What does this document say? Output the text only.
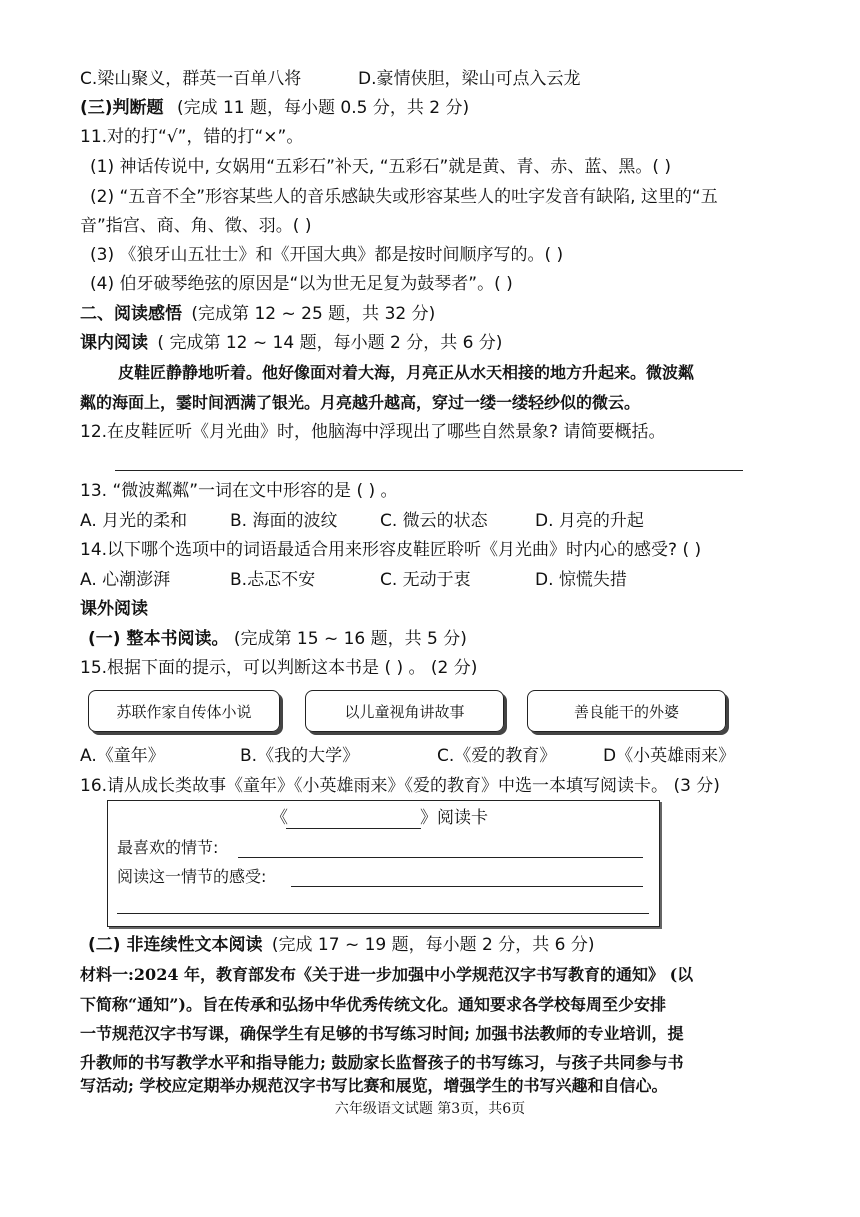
C.梁山聚义，群英一百单八将	D.豪情侠胆，梁山可点入云龙
(三)判断题 (完成 11 题，每小题 0.5 分，共 2 分)
11.对的打“√”，错的打“×”。
(1) 神话传说中, 女娲用“五彩石”补天, “五彩石”就是黄、青、赤、蓝、黑。( )
(2) “五音不全”形容某些人的音乐感缺失或形容某些人的吐字发音有缺陷, 这里的“五
音”指宫、商、角、徵、羽。( )
(3) 《狼牙山五壮士》和《开国大典》都是按时间顺序写的。( )
(4) 伯牙破琴绝弦的原因是“以为世无足复为鼓琴者”。( )
二、阅读感悟 (完成第 12 ~ 25 题，共 32 分)
课内阅读 ( 完成第 12 ~ 14 题，每小题 2 分，共 6 分)
皮鞋匠静静地听着。他好像面对着大海，月亮正从水天相接的地方升起来。微波粼
粼的海面上，霎时间洒满了银光。月亮越升越高，穿过一缕一缕轻纱似的微云。
12.在皮鞋匠听《月光曲》时，他脑海中浮现出了哪些自然景象? 请简要概括。
13. “微波粼粼”一词在文中形容的是 ( ) 。
A. 月光的柔和	B. 海面的波纹	C. 微云的状态	D. 月亮的升起
14.以下哪个选项中的词语最适合用来形容皮鞋匠聆听《月光曲》时内心的感受? ( )
A. 心潮澎湃	B.忐忑不安	C. 无动于衷	D. 惊慌失措
课外阅读
(一) 整本书阅读。 (完成第 15 ~ 16 题，共 5 分)
15.根据下面的提示，可以判断这本书是 ( ) 。 (2 分)
苏联作家自传体小说	以儿童视角讲故事	善良能干的外婆
A.《童年》	B.《我的大学》	C.《爱的教育》	D《小英雄雨来》
16.请从成长类故事《童年》《小英雄雨来》《爱的教育》中选一本填写阅读卡。 (3 分)
《	》阅读卡
最喜欢的情节:
阅读这一情节的感受:
(二) 非连续性文本阅读 (完成 17 ~ 19 题，每小题 2 分，共 6 分)
材料一:2024 年，教育部发布《关于进一步加强中小学规范汉字书写教育的通知》 (以
下简称“通知”)。旨在传承和弘扬中华优秀传统文化。通知要求各学校每周至少安排
一节规范汉字书写课，确保学生有足够的书写练习时间; 加强书法教师的专业培训，提
升教师的书写教学水平和指导能力; 鼓励家长监督孩子的书写练习，与孩子共同参与书
写活动; 学校应定期举办规范汉字书写比赛和展览，增强学生的书写兴趣和自信心。
六年级语文试题 第3页，共6页
